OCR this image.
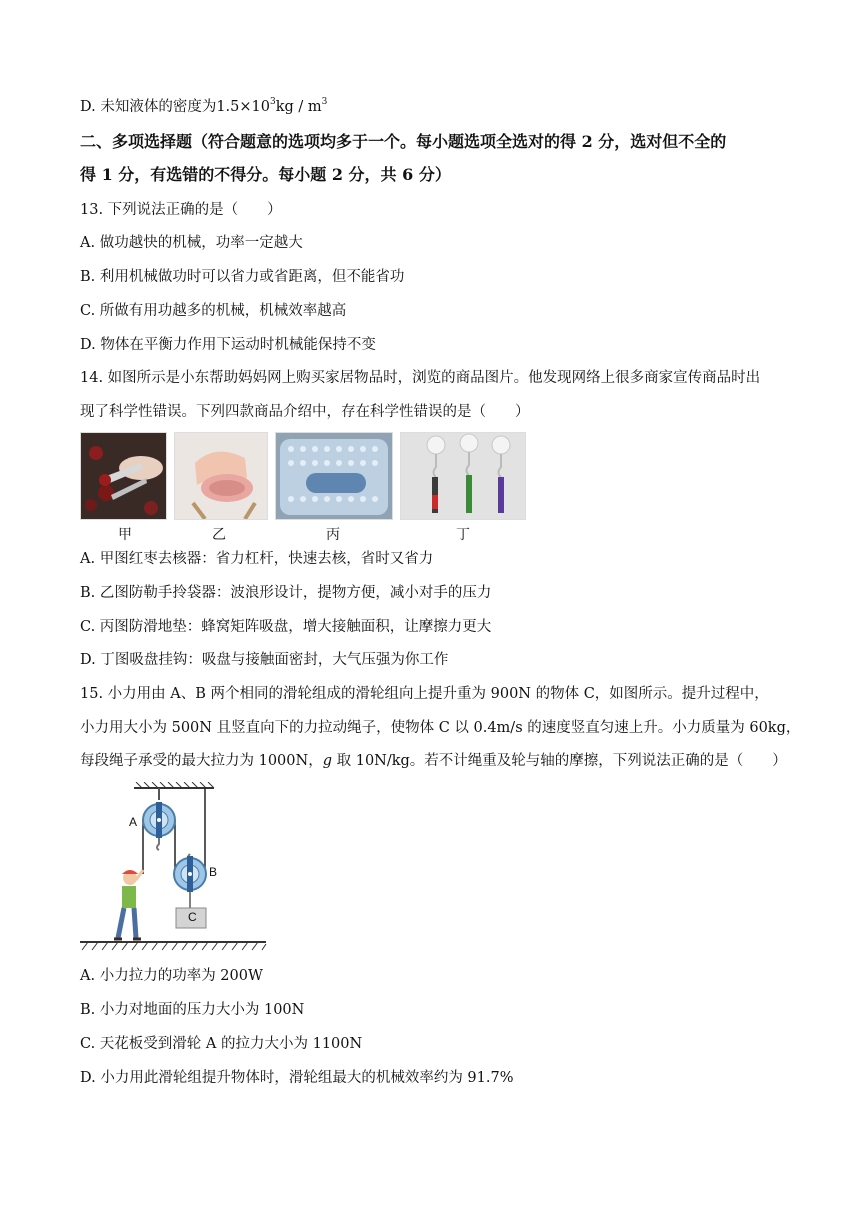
D. 未知液体的密度为$1.5\times 10^3kg / m^3$
二、多项选择题（符合题意的选项均多于一个。每小题选项全选对的得 2 分，选对但不全的
得 1 分，有选错的不得分。每小题 2 分，共 6 分）
13. 下列说法正确的是（　　）
A. 做功越快的机械，功率一定越大
B. 利用机械做功时可以省力或省距离，但不能省功
C. 所做有用功越多的机械，机械效率越高
D. 物体在平衡力作用下运动时机械能保持不变
14. 如图所示是小东帮助妈妈网上购买家居物品时，浏览的商品图片。他发现网络上很多商家宣传商品时出
现了科学性错误。下列四款商品介绍中，存在科学性错误的是（　　）
甲	乙	丙	丁
A. 甲图红枣去核器：省力杠杆，快速去核，省时又省力
B. 乙图防勒手拎袋器：波浪形设计，提物方便，减小对手的压力
C. 丙图防滑地垫：蜂窝矩阵吸盘，增大接触面积，让摩擦力更大
D. 丁图吸盘挂钩：吸盘与接触面密封，大气压强为你工作
15. 小力用由 A、B 两个相同的滑轮组成的滑轮组向上提升重为 900N 的物体 C，如图所示。提升过程中，
小力用大小为 500N 且竖直向下的力拉动绳子，使物体 C 以 0.4m/s 的速度竖直匀速上升。小力质量为 60kg，
每段绳子承受的最大拉力为 1000N，g 取 10N/kg。若不计绳重及轮与轴的摩擦，下列说法正确的是（　　）
A
B
C
A. 小力拉力的功率为 200W
B. 小力对地面的压力大小为 100N
C. 天花板受到滑轮 A 的拉力大小为 1100N
D. 小力用此滑轮组提升物体时，滑轮组最大的机械效率约为 91.7%
